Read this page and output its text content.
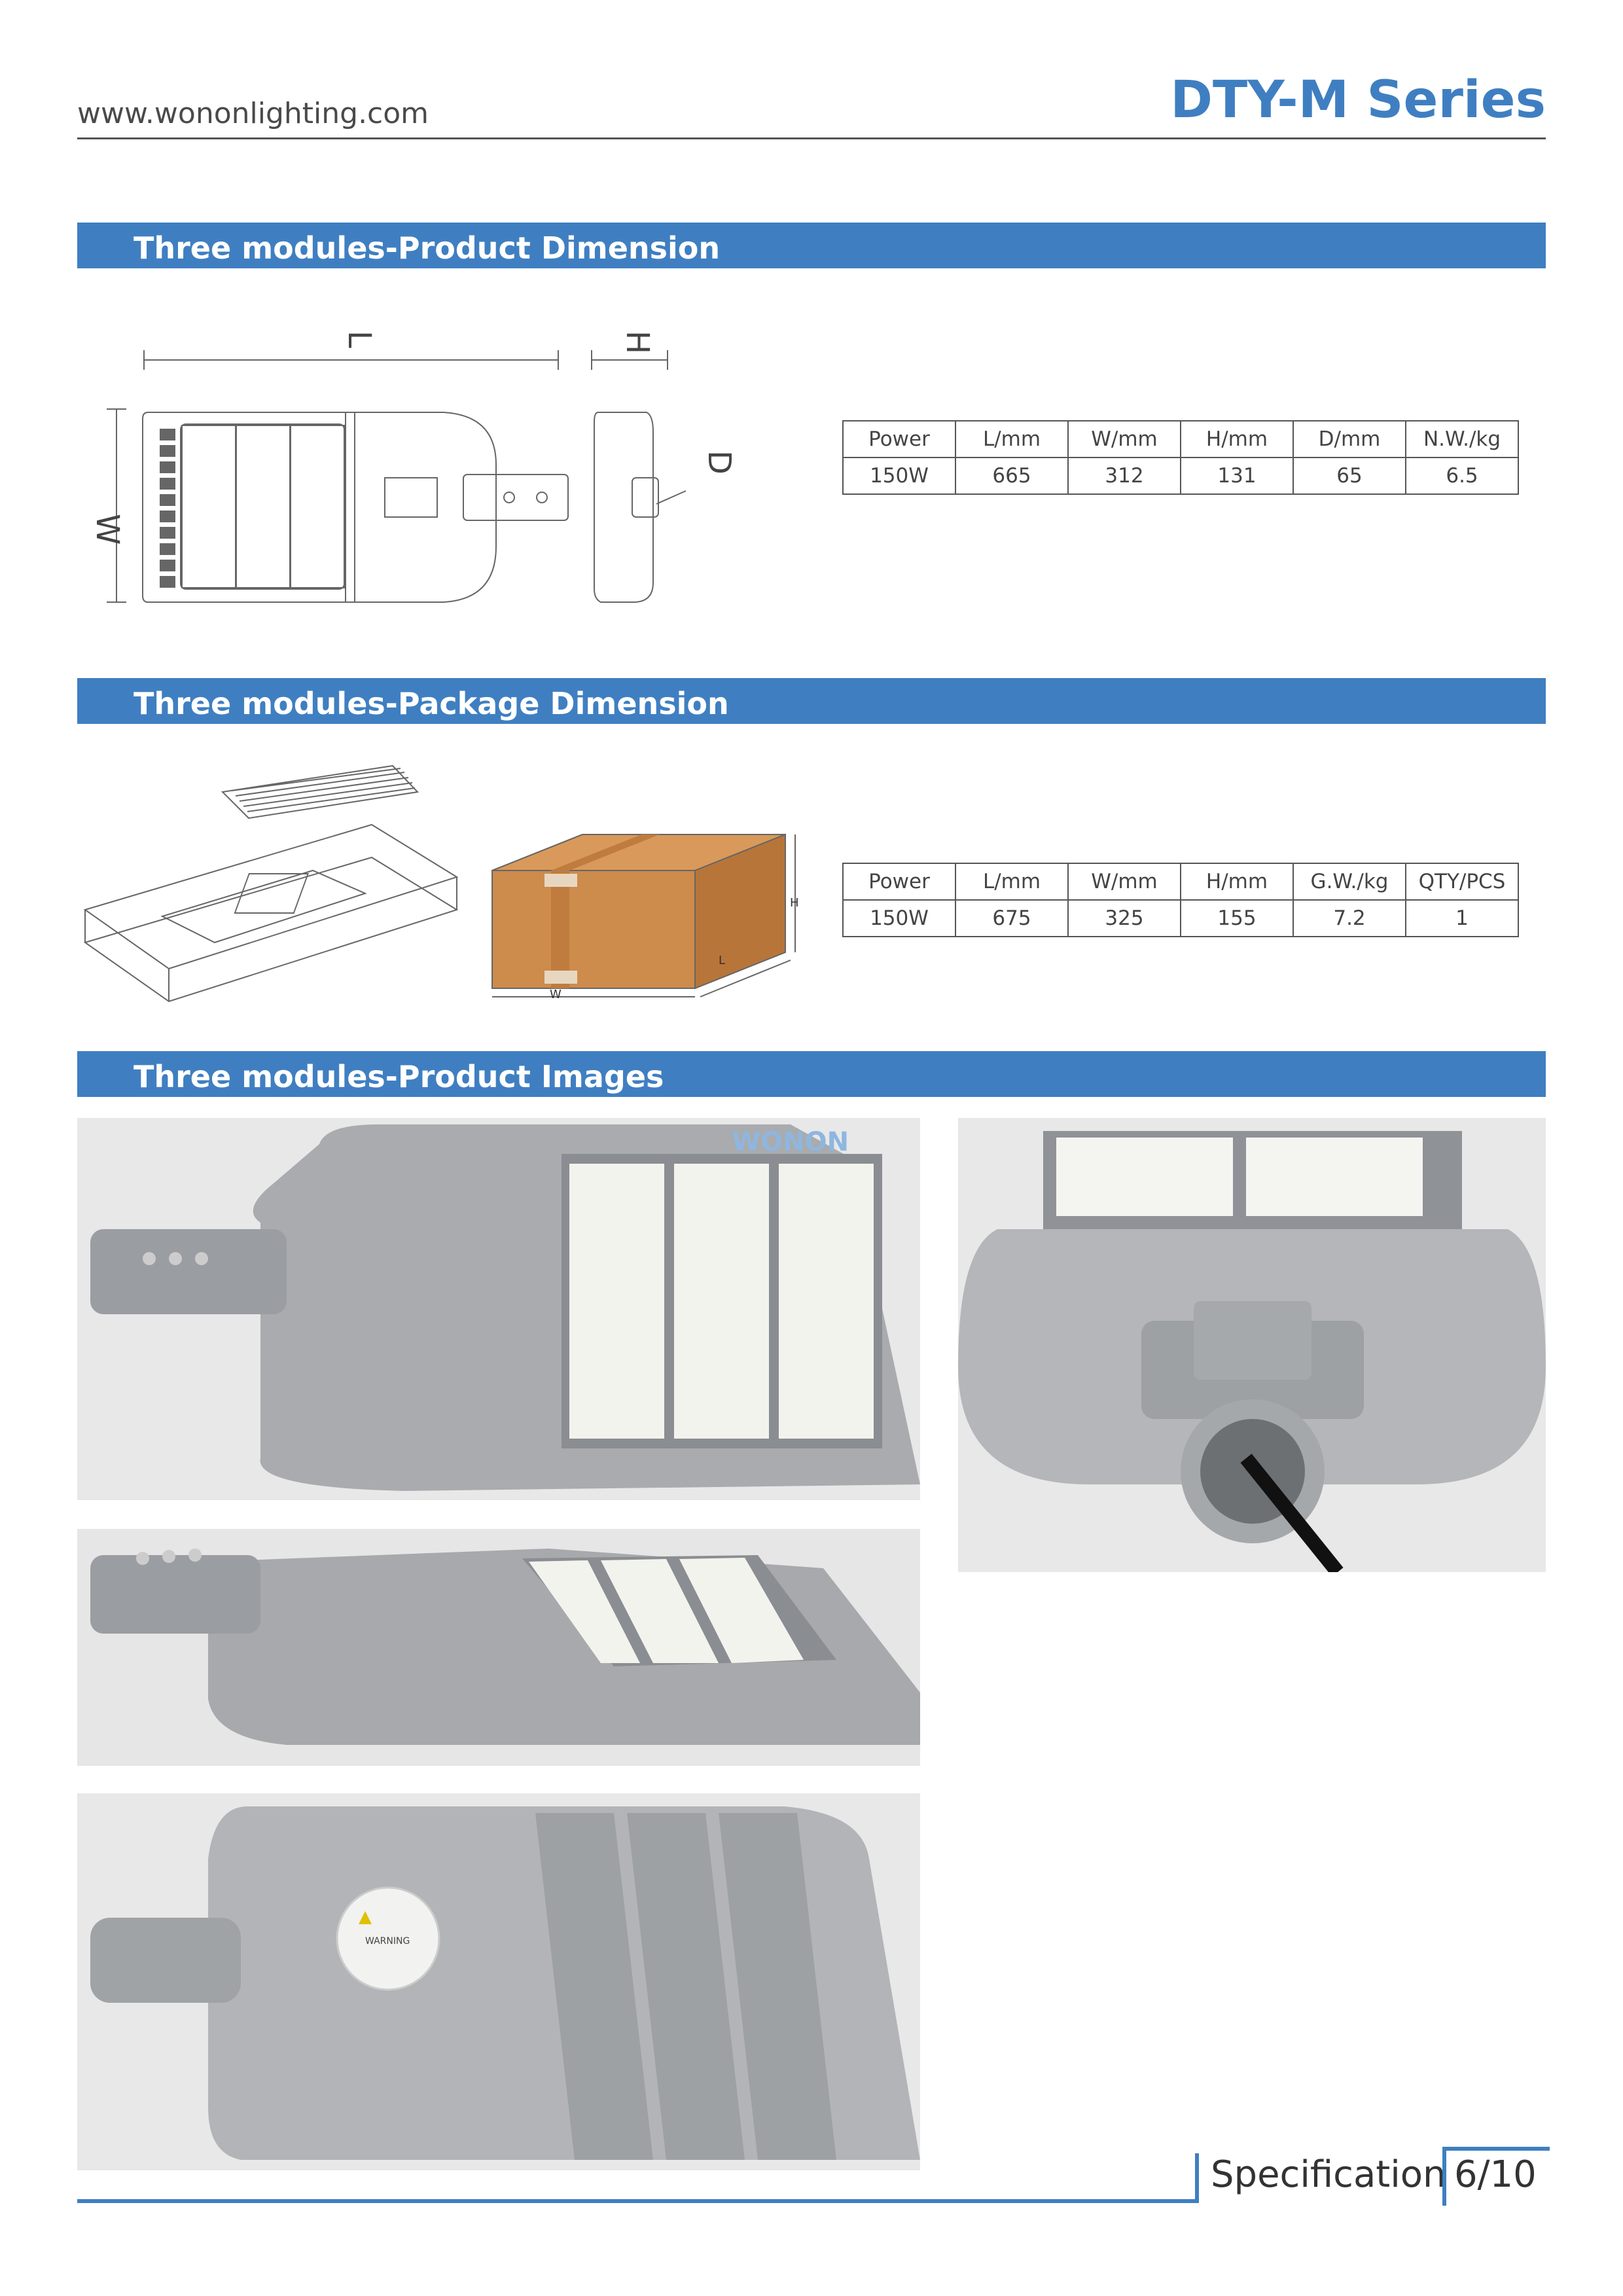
www.wononlighting.com	DTY-M Series
Three modules-Product Dimension
L	H
W
D
Power	L/mm	W/mm	H/mm	D/mm	N.W./kg
150W	665	312	131	65	6.5
Three modules-Package Dimension
H
L
W
Power	L/mm	W/mm	H/mm	G.W./kg	QTY/PCS
150W	675	325	155	7.2	1
Three modules-Product Images
WONON
WARNING
Specification 6/10
